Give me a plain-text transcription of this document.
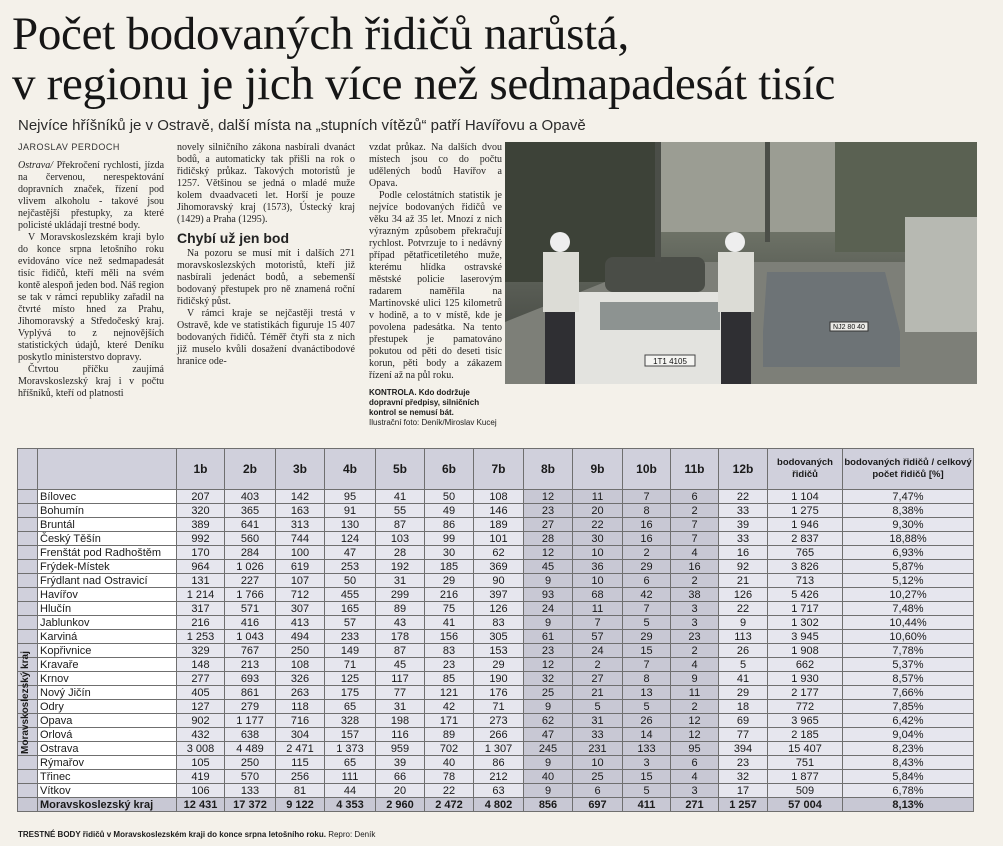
Počet bodovaných řidičů narůstá,
v regionu je jich více než sedmapadesát tisíc
Nejvíce hříšníků je v Ostravě, další místa na „stupních vítězů“ patří Havířovu a Opavě
JAROSLAV PERDOCH

Ostrava/ Překročení rychlosti, jízda na červenou, nerespektování dopravních značek, řízení pod vlivem alkoholu - takové jsou nejčastější přestupky, za které policisté ukládají trestné body.

V Moravskoslezském kraji bylo do konce srpna letošního roku evidováno více než sedmapadesát tisíc řidičů, kteří měli na svém kontě alespoň jeden bod. Náš region se tak v rámci republiky zařadil na čtvrté místo hned za Prahu, Jihomoravský a Středočeský kraj. Vyplývá to z nejnovějších statistických údajů, které Deníku poskytlo ministerstvo dopravy.

Čtvrtou příčku zaujímá Moravskoslezský kraj i v počtu hříšníků, kteří od platnosti

novely silničního zákona nasbírali dvanáct bodů, a automaticky tak přišli na rok o řidičský průkaz. Takových motoristů je 1257. Většinou se jedná o mladé muže kolem dvaadvaceti let. Horší je pouze Jihomoravský kraj (1573), Ústecký kraj (1429) a Praha (1295).

Chybí už jen bod

Na pozoru se musí mít i dalších 271 moravskoslezských motoristů, kteří již nasbírali jedenáct bodů, a sebemenší bodovaný přestupek pro ně znamená roční řidičský půst.

V rámci kraje se nejčastěji trestá v Ostravě, kde ve statistikách figuruje 15 407 bodovaných řidičů. Téměř čtyři sta z nich již muselo kvůli dosažení dvanáctibodové hranice ode-

vzdat průkaz. Na dalších dvou místech jsou co do počtu udělených bodů Havířov a Opava.

Podle celostátních statistik je nejvíce bodovaných řidičů ve věku 34 až 35 let. Mnozí z nich výrazným způsobem překračují rychlost. Potvrzuje to i nedávný případ pětatřicetiletého muže, kterému hlídka ostravské městské policie laserovým radarem naměřila na Martinovské ulici 125 kilometrů v hodině, a to v místě, kde je povolena padesátka. Na tento přestupek je pamatováno pokutou od pěti do deseti tisíc korun, pěti body a zákazem řízení až na půl roku.

1T1 4105
NJ2 80 40
KONTROLA. Kdo dodržuje dopravní předpisy, silničních kontrol se nemusí bát.
Ilustrační foto: Deník/Miroslav Kucej
		1b	2b	3b	4b	5b	6b	7b	8b	9b	10b	11b	12b	bodovaných řidičů	bodovaných řidičů / celkový počet řidičů [%]
	Bílovec	207	403	142	95	41	50	108	12	11	7	6	22	1 104	7,47%
	Bohumín	320	365	163	91	55	49	146	23	20	8	2	33	1 275	8,38%
	Bruntál	389	641	313	130	87	86	189	27	22	16	7	39	1 946	9,30%
	Český Těšín	992	560	744	124	103	99	101	28	30	16	7	33	2 837	18,88%
	Frenštát pod Radhoštěm	170	284	100	47	28	30	62	12	10	2	4	16	765	6,93%
	Frýdek-Místek	964	1 026	619	253	192	185	369	45	36	29	16	92	3 826	5,87%
	Frýdlant nad Ostravicí	131	227	107	50	31	29	90	9	10	6	2	21	713	5,12%
	Havířov	1 214	1 766	712	455	299	216	397	93	68	42	38	126	5 426	10,27%
	Hlučín	317	571	307	165	89	75	126	24	11	7	3	22	1 717	7,48%
	Jablunkov	216	416	413	57	43	41	83	9	7	5	3	9	1 302	10,44%
	Karviná	1 253	1 043	494	233	178	156	305	61	57	29	23	113	3 945	10,60%
	Kopřivnice	329	767	250	149	87	83	153	23	24	15	2	26	1 908	7,78%
	Kravaře	148	213	108	71	45	23	29	12	2	7	4	5	662	5,37%
	Krnov	277	693	326	125	117	85	190	32	27	8	9	41	1 930	8,57%
	Nový Jičín	405	861	263	175	77	121	176	25	21	13	11	29	2 177	7,66%
	Odry	127	279	118	65	31	42	71	9	5	5	2	18	772	7,85%
	Opava	902	1 177	716	328	198	171	273	62	31	26	12	69	3 965	6,42%
	Orlová	432	638	304	157	116	89	266	47	33	14	12	77	2 185	9,04%
	Ostrava	3 008	4 489	2 471	1 373	959	702	1 307	245	231	133	95	394	15 407	8,23%
	Rýmařov	105	250	115	65	39	40	86	9	10	3	6	23	751	8,43%
	Třinec	419	570	256	111	66	78	212	40	25	15	4	32	1 877	5,84%
	Vítkov	106	133	81	44	20	22	63	9	6	5	3	17	509	6,78%
	Moravskoslezský kraj	12 431	17 372	9 122	4 353	2 960	2 472	4 802	856	697	411	271	1 257	57 004	8,13%
Moravskoslezský kraj
TRESTNÉ BODY řidičů v Moravskoslezském kraji do konce srpna letošního roku. Repro: Deník
